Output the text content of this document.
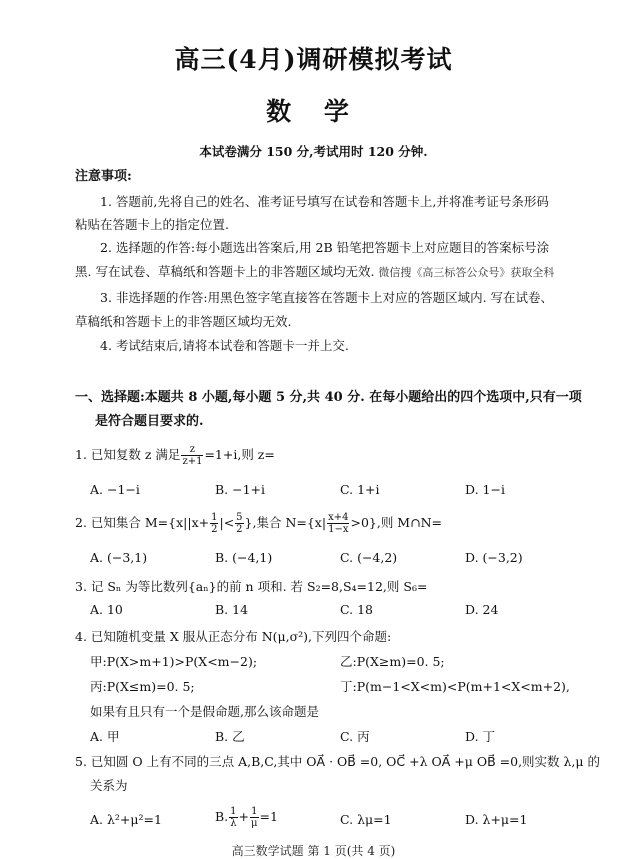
高三(4月)调研模拟考试
数 学
本试卷满分 150 分,考试用时 120 分钟.
注意事项:
1. 答题前,先将自己的姓名、准考证号填写在试卷和答题卡上,并将准考证号条形码
粘贴在答题卡上的指定位置.
2. 选择题的作答:每小题选出答案后,用 2B 铅笔把答题卡上对应题目的答案标号涂
黑. 写在试卷、草稿纸和答题卡上的非答题区域均无效. 微信搜《高三标答公众号》获取全科
3. 非选择题的作答:用黑色签字笔直接答在答题卡上对应的答题区域内. 写在试卷、
草稿纸和答题卡上的非答题区域均无效.
4. 考试结束后,请将本试卷和答题卡一并上交.
一、选择题:本题共 8 小题,每小题 5 分,共 40 分. 在每小题给出的四个选项中,只有一项
是符合题目要求的.
1. 已知复数 z 满足 $\frac{z}{z+1} =1+i$,则 z=
A. −1−i	B. −1+i	C. 1+i	D. 1−i
2. 已知集合 $M=\{x||x+ \frac{1}{2}$ |< $\frac{5}{2}$ },集合 $N=\{x| \frac{x+4}{1-x} >0\}$,则 M∩N=
A. (−3,1)	B. (−4,1)	C. (−4,2)	D. (−3,2)
3. 记 Sₙ 为等比数列{aₙ}的前 n 项和. 若 S₂=8,S₄=12,则 S₆=
A. 10	B. 14	C. 18	D. 24
4. 已知随机变量 X 服从正态分布 N(μ,σ²),下列四个命题:
甲:P(X>m+1)>P(X<m−2);	乙:P(X≥m)=0. 5;
丙:P(X≤m)=0. 5;	丁:P(m−1<X<m)<P(m+1<X<m+2),
如果有且只有一个是假命题,那么该命题是
A. 甲	B. 乙	C. 丙	D. 丁
5. 已知圆 O 上有不同的三点 A,B,C,其中 OA⃗ · OB⃗ =0, OC⃗ +λ OA⃗ +μ OB⃗ =0,则实数 λ,μ 的
关系为
A. λ²+μ²=1	B. $\frac{1}{\lambda} + \frac{1}{\mu} =1$	C. λμ=1	D. λ+μ=1
高三数学试题 第 1 页(共 4 页)
